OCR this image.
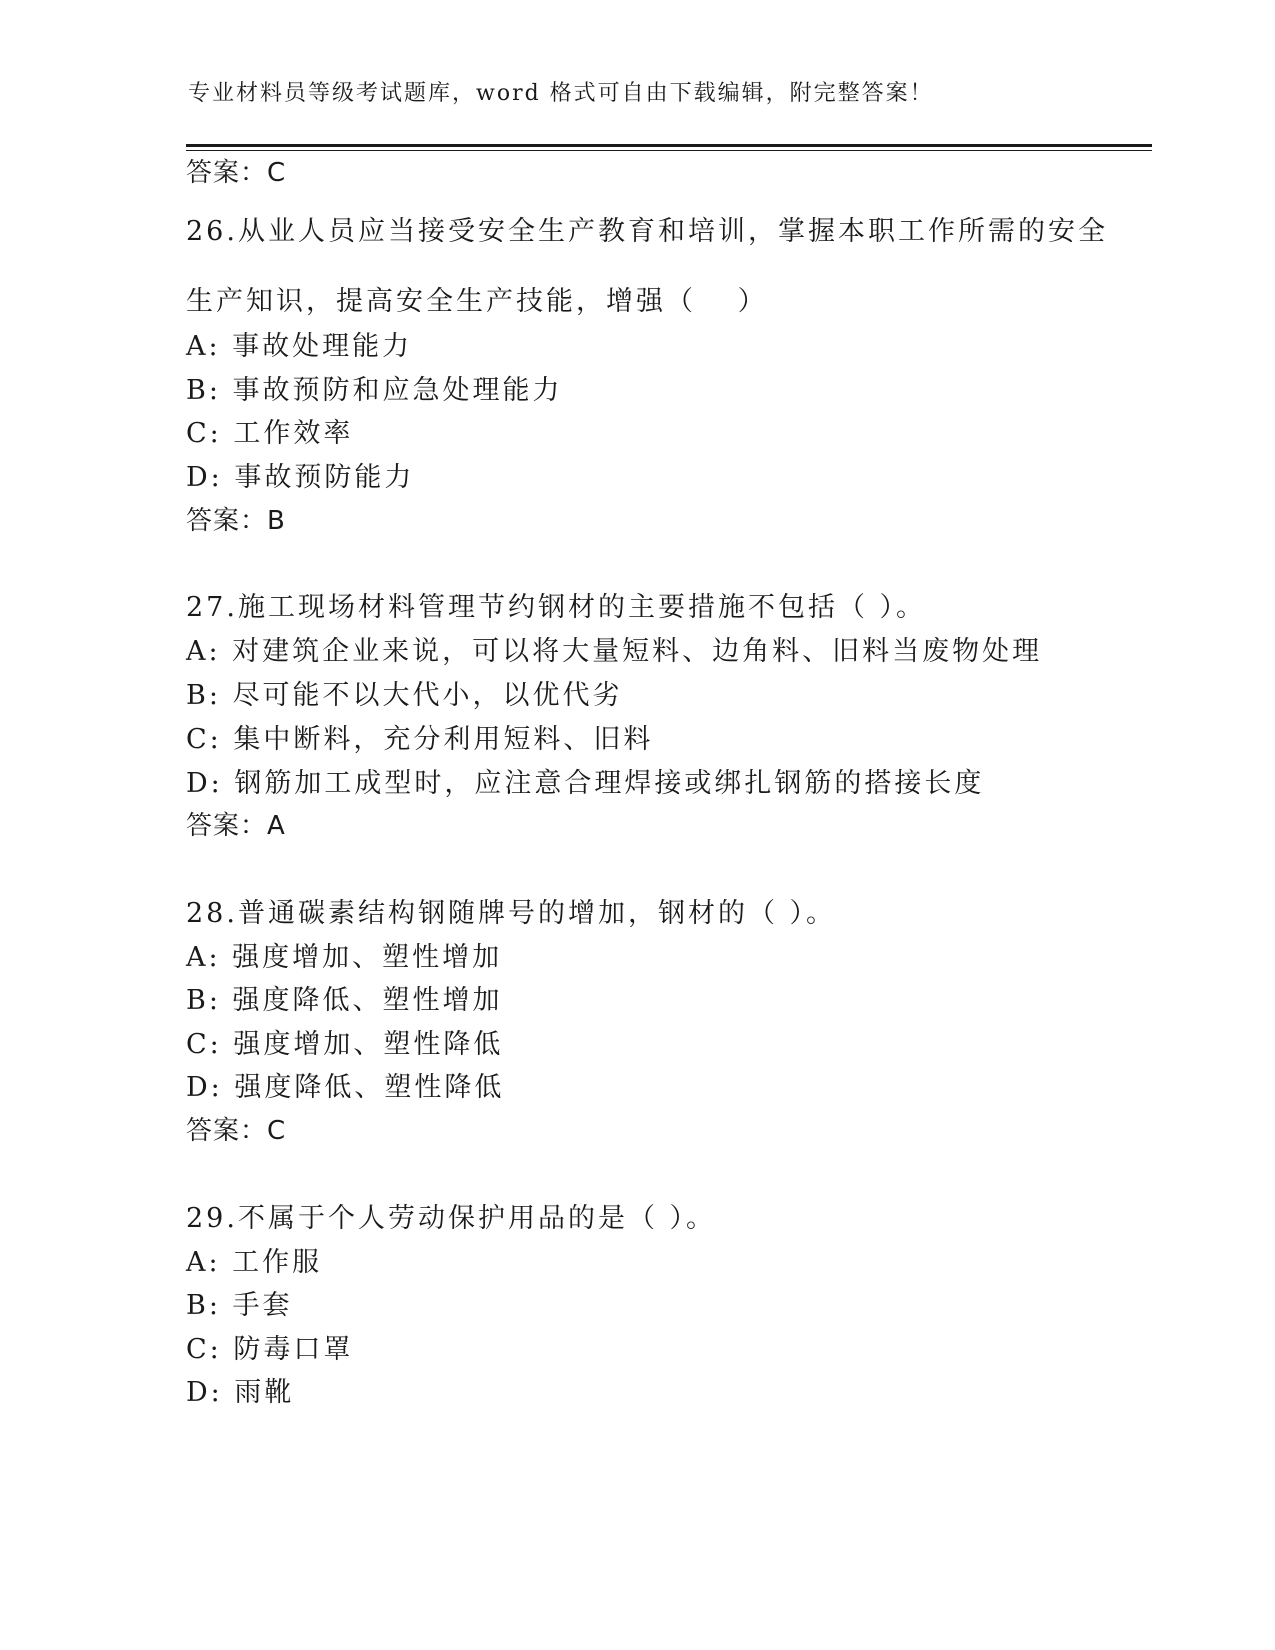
专业材料员等级考试题库，word 格式可自由下载编辑，附完整答案！
答案：C
26.从业人员应当接受安全生产教育和培训，掌握本职工作所需的安全
生产知识，提高安全生产技能，增强（　 ）
A: 事故处理能力
B: 事故预防和应急处理能力
C: 工作效率
D: 事故预防能力
答案：B
27.施工现场材料管理节约钢材的主要措施不包括（ ）。
A: 对建筑企业来说，可以将大量短料、边角料、旧料当废物处理
B: 尽可能不以大代小，以优代劣
C: 集中断料，充分利用短料、旧料
D: 钢筋加工成型时，应注意合理焊接或绑扎钢筋的搭接长度
答案：A
28.普通碳素结构钢随牌号的增加，钢材的（ ）。
A: 强度增加、塑性增加
B: 强度降低、塑性增加
C: 强度增加、塑性降低
D: 强度降低、塑性降低
答案：C
29.不属于个人劳动保护用品的是（ ）。
A: 工作服
B: 手套
C: 防毒口罩
D: 雨靴
